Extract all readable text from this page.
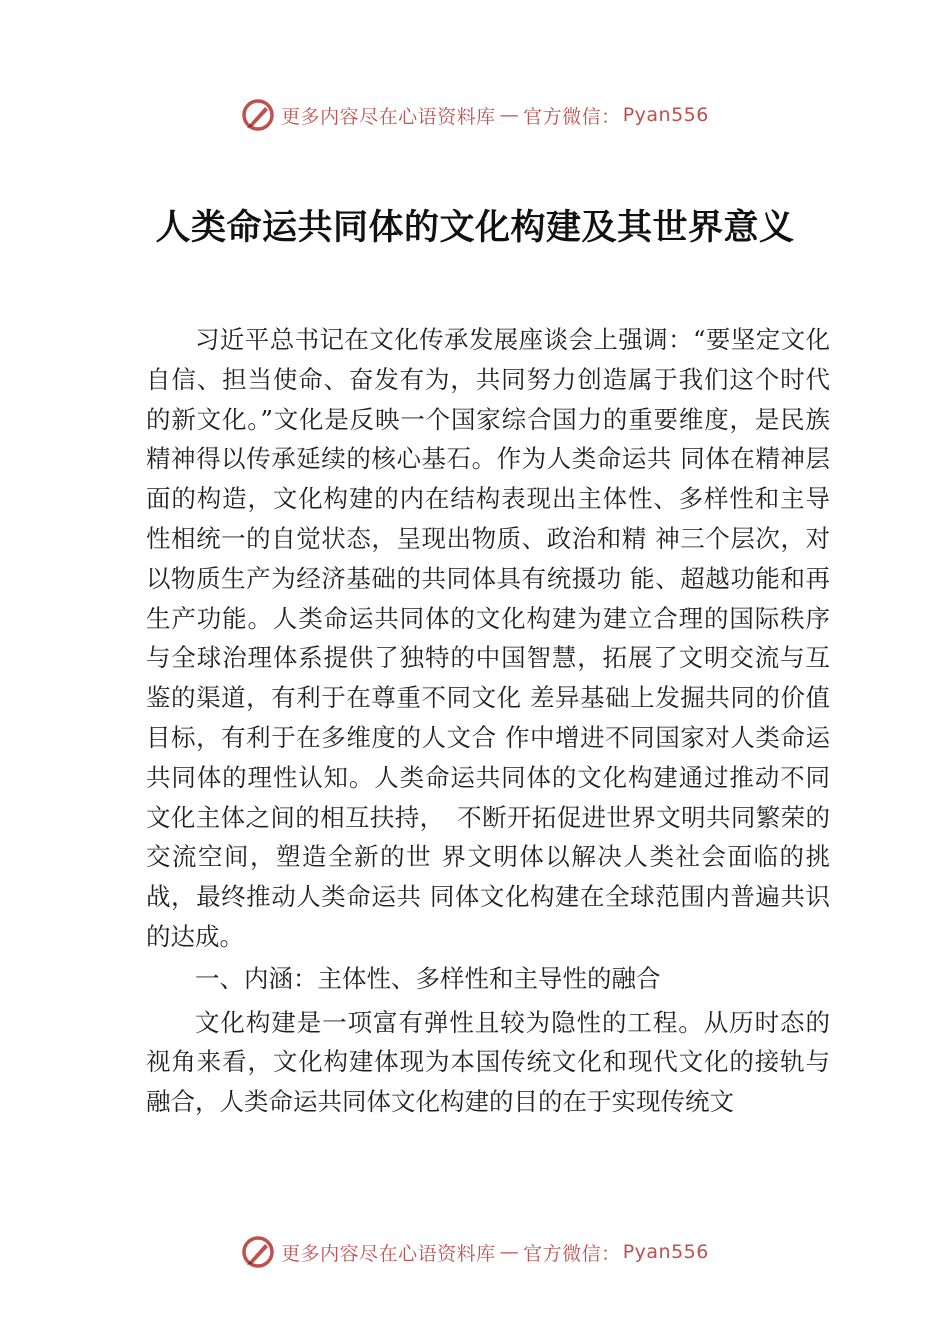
更多内容尽在心语资料库 — 官方微信： Pyan556
人类命运共同体的文化构建及其世界意义

习近平总书记在文化传承发展座谈会上强调：“要坚定文化自信、担当使命、奋发有为，共同努力创造属于我们这个时代的新文化。”文化是反映一个国家综合国力的重要维度，是民族精神得以传承延续的核心基石。作为人类命运共 同体在精神层面的构造，文化构建的内在结构表现出主体性、多样性和主导性相统一的自觉状态，呈现出物质、政治和精 神三个层次，对以物质生产为经济基础的共同体具有统摄功 能、超越功能和再生产功能。人类命运共同体的文化构建为建立合理的国际秩序与全球治理体系提供了独特的中国智慧，拓展了文明交流与互鉴的渠道，有利于在尊重不同文化 差异基础上发掘共同的价值目标，有利于在多维度的人文合 作中增进不同国家对人类命运共同体的理性认知。人类命运共同体的文化构建通过推动不同文化主体之间的相互扶持，　不断开拓促进世界文明共同繁荣的交流空间，塑造全新的世 界文明体以解决人类社会面临的挑战，最终推动人类命运共 同体文化构建在全球范围内普遍共识的达成。

一、内涵：主体性、多样性和主导性的融合

文化构建是一项富有弹性且较为隐性的工程。从历时态的视角来看，文化构建体现为本国传统文化和现代文化的接轨与融合，人类命运共同体文化构建的目的在于实现传统文

更多内容尽在心语资料库 — 官方微信： Pyan556
